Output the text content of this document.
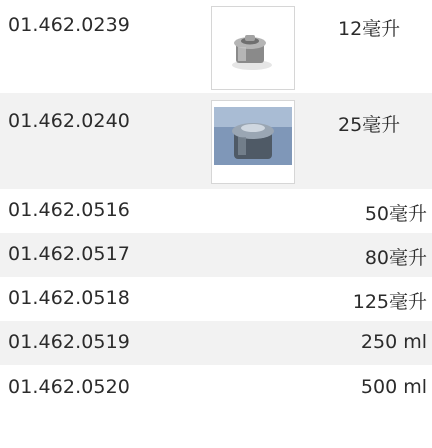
01.462.0239	12毫升
01.462.0240	25毫升
01.462.0516	50毫升
01.462.0517	80毫升
01.462.0518	125毫升
01.462.0519	250 ml
01.462.0520	500 ml
